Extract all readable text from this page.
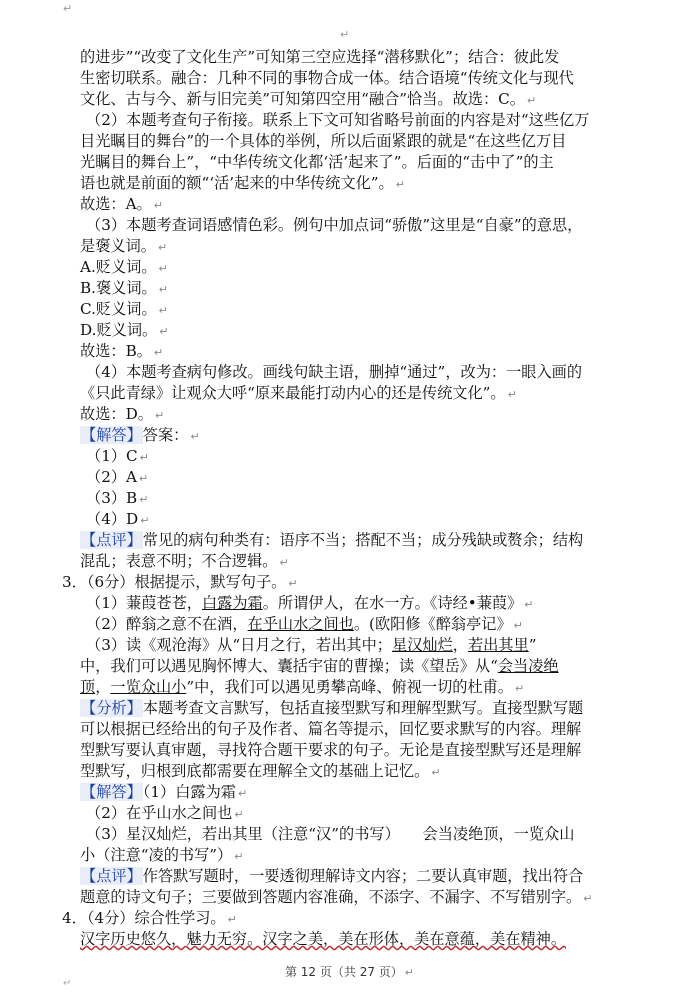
↵
↵
的进步”“改变了文化生产”可知第三空应选择“潜移默化”；结合：彼此发
生密切联系。融合：几种不同的事物合成一体。结合语境“传统文化与现代
文化、古与今、新与旧完美”可知第四空用“融合”恰当。故选：C。 ↵
（2）本题考查句子衔接。联系上下文可知省略号前面的内容是对“这些亿万
目光瞩目的舞台”的一个具体的举例，所以后面紧跟的就是“在这些亿万目
光瞩目的舞台上”，“中华传统文化都‘活’起来了”。后面的“击中了”的主
语也就是前面的额“‘活’起来的中华传统文化”。 ↵
故选：A。 ↵
（3）本题考查词语感情色彩。例句中加点词“骄傲”这里是“自豪”的意思，
是褒义词。 ↵
A.贬义词。 ↵
B.褒义词。 ↵
C.贬义词。 ↵
D.贬义词。 ↵
故选：B。 ↵
（4）本题考查病句修改。画线句缺主语，删掉“通过”，改为：一眼入画的
《只此青绿》让观众大呼“原来最能打动内心的还是传统文化”。 ↵
故选：D。 ↵
【解答】答案： ↵
（1）C ↵
（2）A ↵
（3）B ↵
（4）D ↵
【点评】常见的病句种类有：语序不当；搭配不当；成分残缺或赘余；结构
混乱；表意不明；不合逻辑。 ↵
3．（6分）根据提示，默写句子。 ↵
（1）蒹葭苍苍，白露为霜。所谓伊人，在水一方。《诗经•蒹葭》 ↵
（2）醉翁之意不在酒，在乎山水之间也。(欧阳修《醉翁亭记》 ↵
（3）读《观沧海》从“日月之行，若出其中；星汉灿烂，若出其里”
中，我们可以遇见胸怀博大、囊括宇宙的曹操；读《望岳》从“会当凌绝
顶，一览众山小”中，我们可以遇见勇攀高峰、俯视一切的杜甫。 ↵
【分析】本题考查文言默写，包括直接型默写和理解型默写。直接型默写题
可以根据已经给出的句子及作者、篇名等提示，回忆要求默写的内容。理解
型默写要认真审题，寻找符合题干要求的句子。无论是直接型默写还是理解
型默写，归根到底都需要在理解全文的基础上记忆。 ↵
【解答】（1）白露为霜 ↵
（2）在乎山水之间也 ↵
（3）星汉灿烂，若出其里（注意“汉”的书写）　　会当凌绝顶，一览众山
小（注意“凌的书写”） ↵
【点评】作答默写题时，一要透彻理解诗文内容；二要认真审题，找出符合
题意的诗文句子；三要做到答题内容准确，不添字、不漏字、不写错别字。 ↵
4．（4分）综合性学习。 ↵
汉字历史悠久，魅力无穷。汉字之美，美在形体，美在意蕴，美在精神。
第 12 页（共 27 页） ↵
↵
